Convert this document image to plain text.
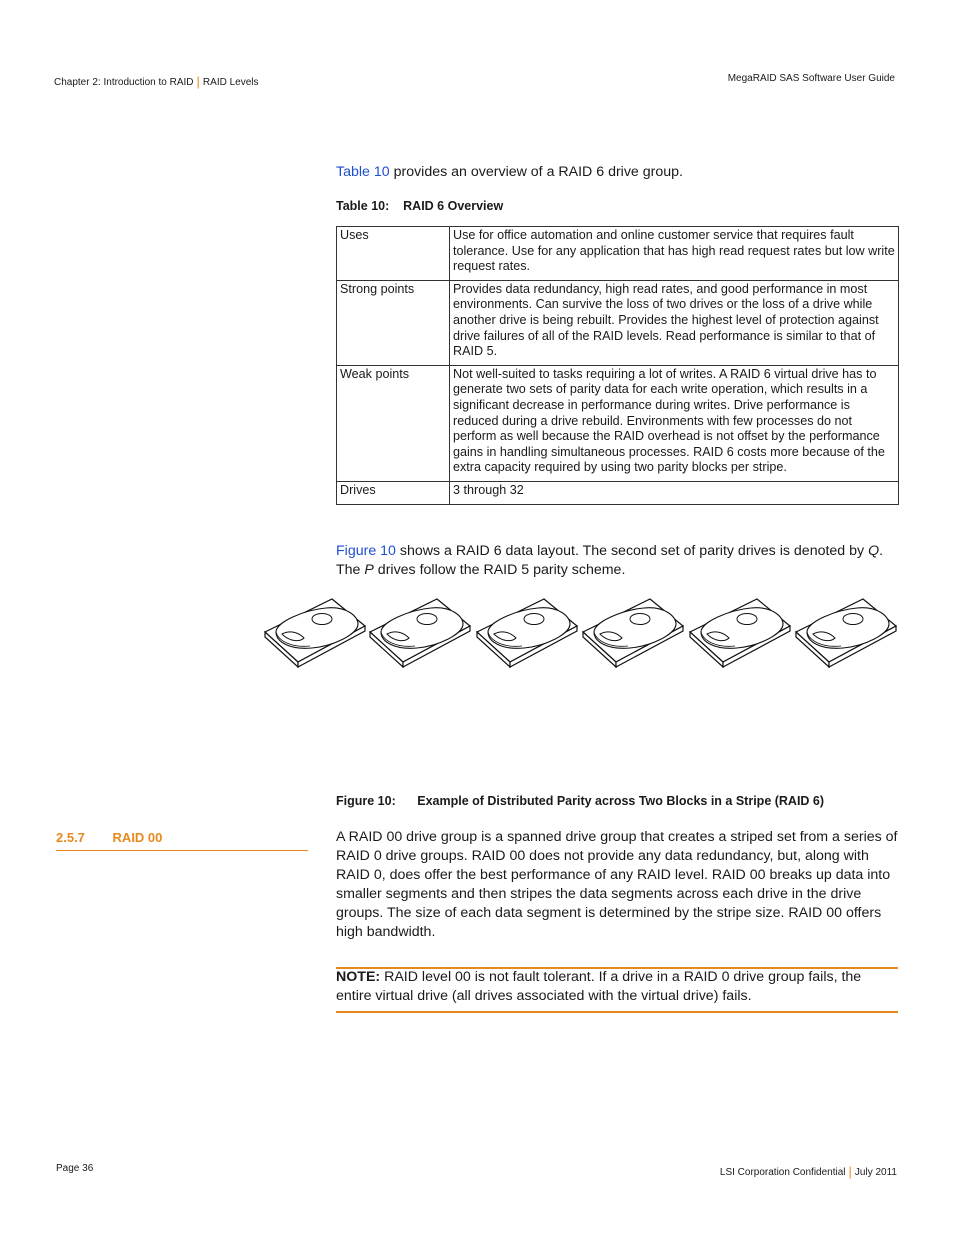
Chapter 2: Introduction to RAID | RAID Levels	MegaRAID SAS Software User Guide
Table 10 provides an overview of a RAID 6 drive group.
Table 10:    RAID 6 Overview
Uses	Use for office automation and online customer service that requires fault tolerance. Use for any application that has high read request rates but low write request rates.
Strong points	Provides data redundancy, high read rates, and good performance in most environments. Can survive the loss of two drives or the loss of a drive while another drive is being rebuilt. Provides the highest level of protection against drive failures of all of the RAID levels. Read performance is similar to that of RAID 5.
Weak points	Not well-suited to tasks requiring a lot of writes. A RAID 6 virtual drive has to generate two sets of parity data for each write operation, which results in a significant decrease in performance during writes. Drive performance is reduced during a drive rebuild. Environments with few processes do not perform as well because the RAID overhead is not offset by the performance gains in handling simultaneous processes. RAID 6 costs more because of the extra capacity required by using two parity blocks per stripe.
Drives	3 through 32
Figure 10 shows a RAID 6 data layout. The second set of parity drives is denoted by Q. The P drives follow the RAID 5 parity scheme.
Figure 10: Example of Distributed Parity across Two Blocks in a Stripe (RAID 6)
2.5.7 RAID 00	A RAID 00 drive group is a spanned drive group that creates a striped set from a series of RAID 0 drive groups. RAID 00 does not provide any data redundancy, but, along with RAID 0, does offer the best performance of any RAID level. RAID 00 breaks up data into smaller segments and then stripes the data segments across each drive in the drive groups. The size of each data segment is determined by the stripe size. RAID 00 offers high bandwidth.
NOTE: RAID level 00 is not fault tolerant. If a drive in a RAID 0 drive group fails, the entire virtual drive (all drives associated with the virtual drive) fails.
Page 36	LSI Corporation Confidential | July 2011
